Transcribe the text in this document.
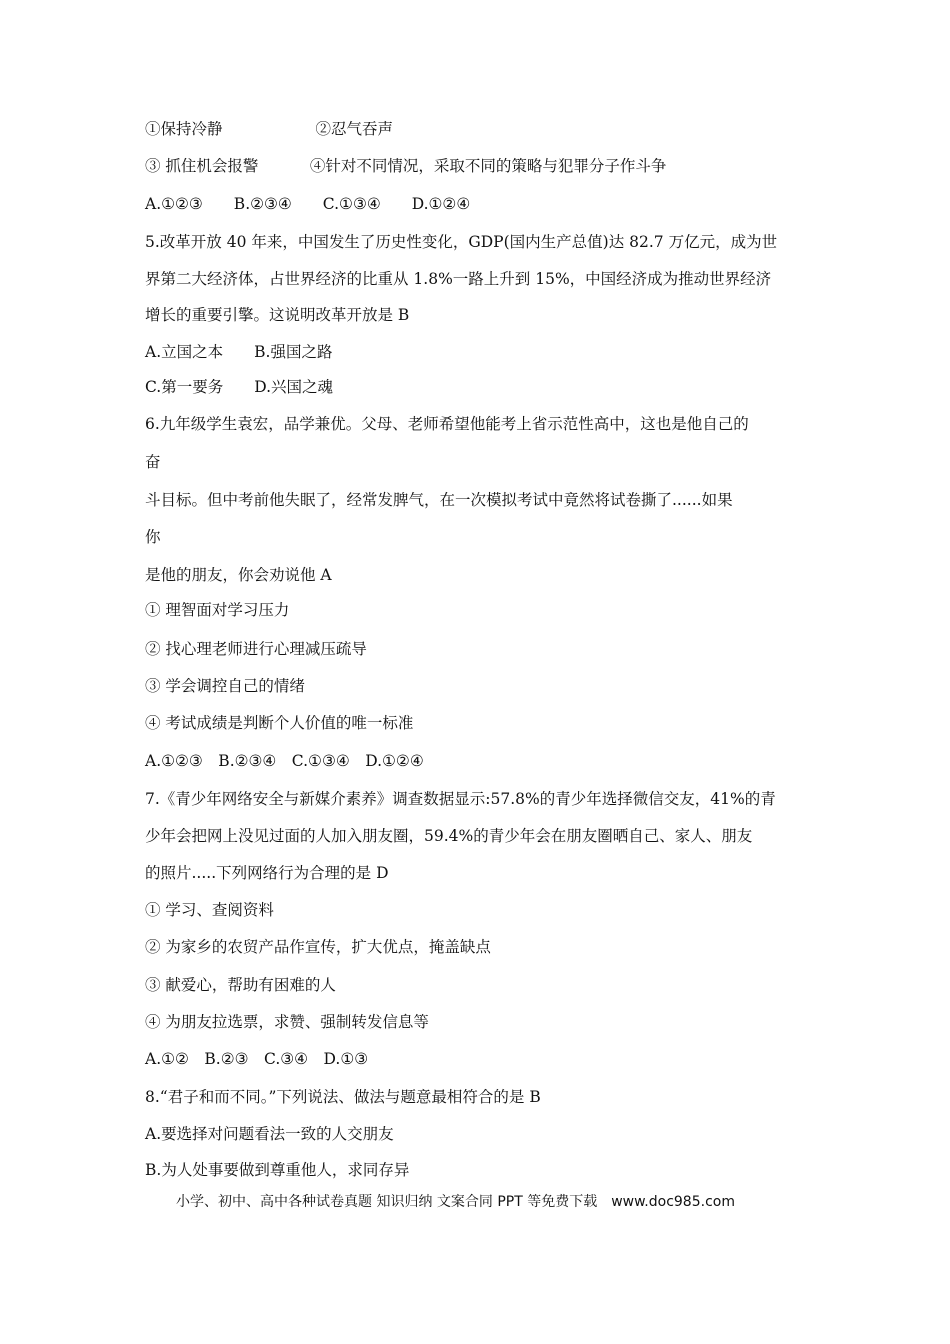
①保持冷静　　　　　　②忍气吞声
③ 抓住机会报警　　　 ④针对不同情况，采取不同的策略与犯罪分子作斗争
A.①②③　　B.②③④　　C.①③④　　D.①②④
5.改革开放 40 年来，中国发生了历史性变化，GDP(国内生产总值)达 82.7 万亿元，成为世
界第二大经济体，占世界经济的比重从 1.8%一路上升到 15%，中国经济成为推动世界经济
增长的重要引擎。这说明改革开放是 B
A.立国之本　　B.强国之路
C.第一要务　　D.兴国之魂
6.九年级学生袁宏，品学兼优。父母、老师希望他能考上省示范性高中，这也是他自己的
奋
斗目标。但中考前他失眠了，经常发脾气，在一次模拟考试中竟然将试卷撕了......如果
你
是他的朋友，你会劝说他 A
① 理智面对学习压力
② 找心理老师进行心理减压疏导
③ 学会调控自己的情绪
④ 考试成绩是判断个人价值的唯一标准
A.①②③　B.②③④　C.①③④　D.①②④
7.《青少年网络安全与新媒介素养》调查数据显示:57.8%的青少年选择微信交友，41%的青
少年会把网上没见过面的人加入朋友圈，59.4%的青少年会在朋友圈晒自己、家人、朋友
的照片.....下列网络行为合理的是 D
① 学习、查阅资料
② 为家乡的农贸产品作宣传，扩大优点，掩盖缺点
③ 献爱心，帮助有困难的人
④ 为朋友拉选票，求赞、强制转发信息等
A.①②　B.②③　C.③④　D.①③
8.“君子和而不同。”下列说法、做法与题意最相符合的是 B
A.要选择对问题看法一致的人交朋友
B.为人处事要做到尊重他人，求同存异
小学、初中、高中各种试卷真题 知识归纳 文案合同 PPT 等免费下载　www.doc985.com
